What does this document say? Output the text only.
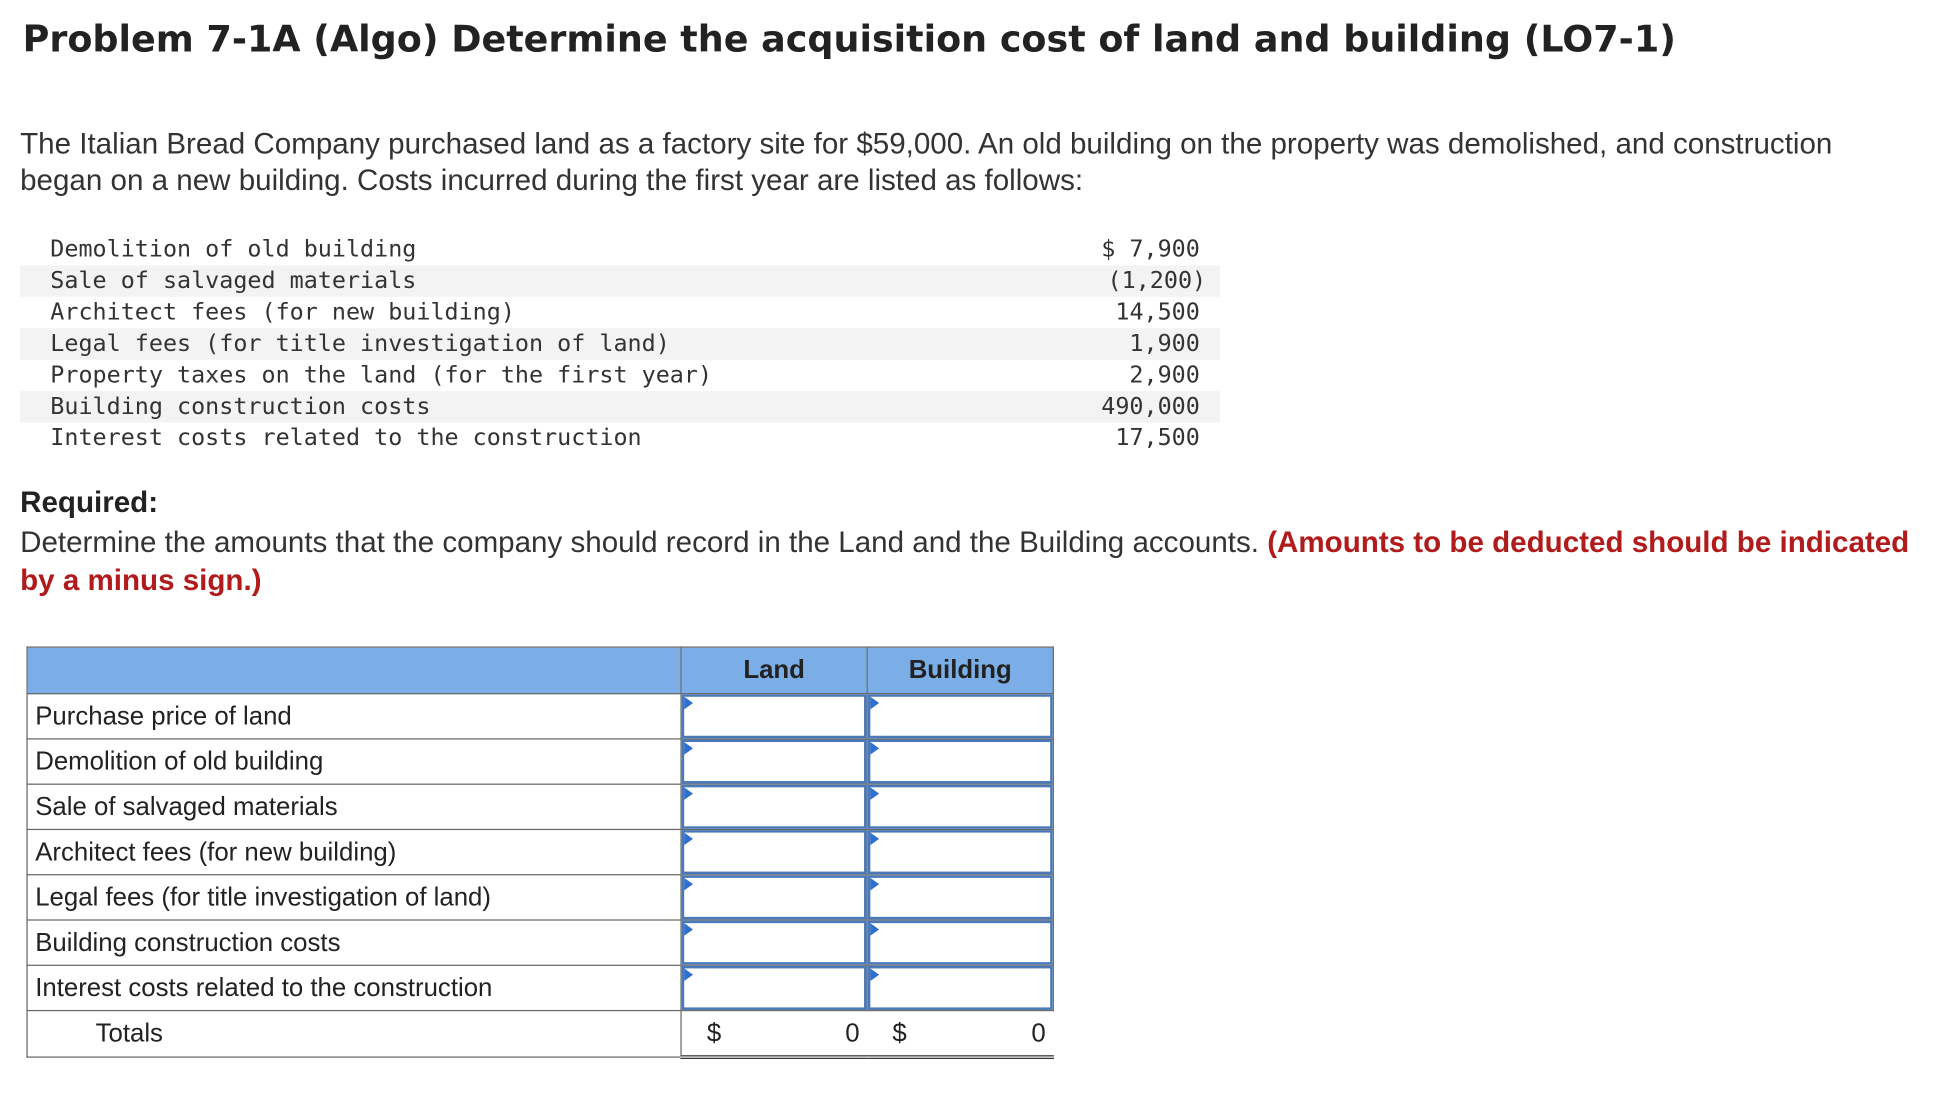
Problem 7-1A (Algo) Determine the acquisition cost of land and building (LO7-1)

The Italian Bread Company purchased land as a factory site for $59,000. An old building on the property was demolished, and construction began on a new building. Costs incurred during the first year are listed as follows:

Demolition of old building	$ 7,900
Sale of salvaged materials	(1,200)
Architect fees (for new building)	14,500
Legal fees (for title investigation of land)	1,900
Property taxes on the land (for the first year)	2,900
Building construction costs	490,000
Interest costs related to the construction	17,500

Required:

Determine the amounts that the company should record in the Land and the Building accounts. (Amounts to be deducted should be indicated by a minus sign.)

	Land	Building
Purchase price of land	

Demolition of old building	

Sale of salvaged materials	

Architect fees (for new building)	

Legal fees (for title investigation of land)	

Building construction costs	

Interest costs related to the construction	

Totals	$ 0	$ 0
